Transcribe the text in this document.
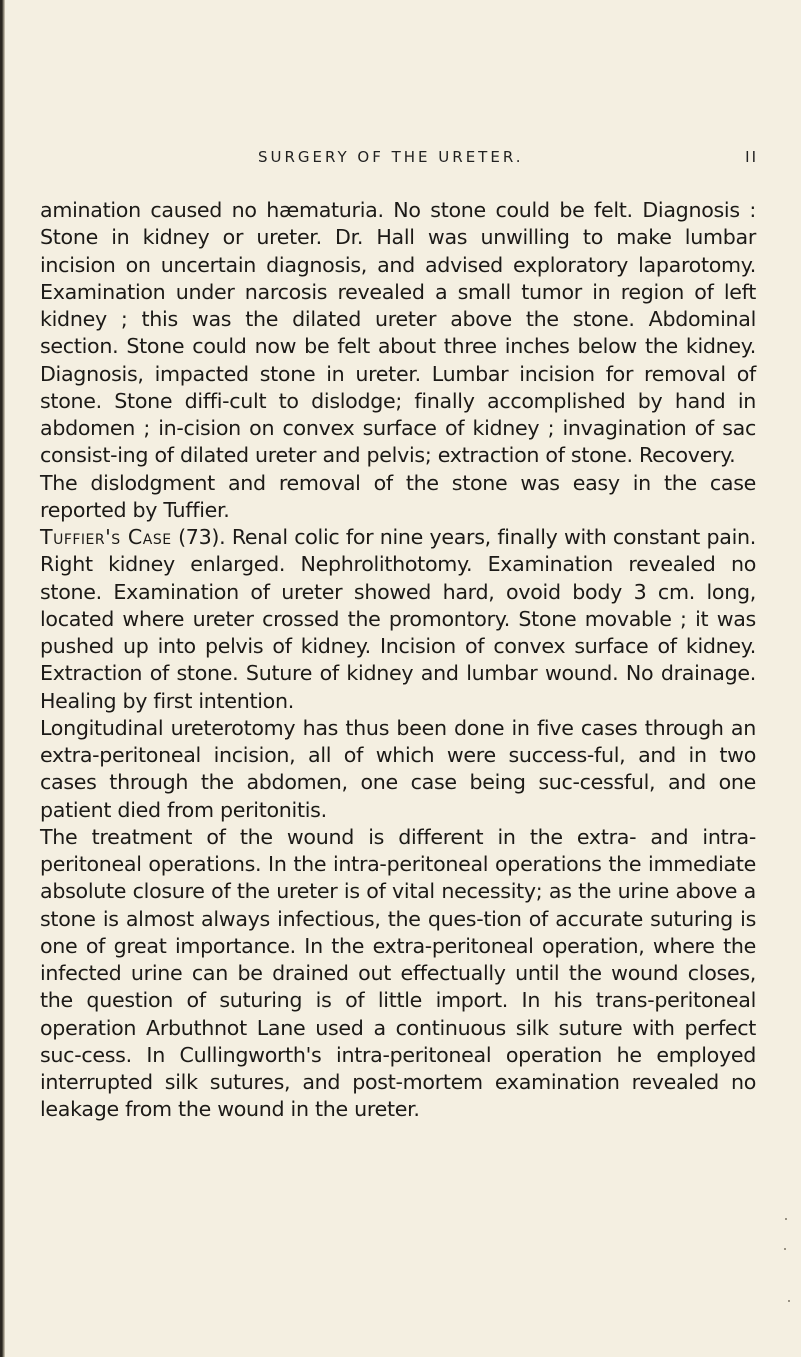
SURGERY OF THE URETER.	II

amination caused no hæmaturia. No stone could be felt. Diagnosis : Stone in kidney or ureter. Dr. Hall was unwilling to make lumbar incision on uncertain diagnosis, and advised exploratory laparotomy. Examination under narcosis revealed a small tumor in region of left kidney ; this was the dilated ureter above the stone. Abdominal section. Stone could now be felt about three inches below the kidney. Diagnosis, impacted stone in ureter. Lumbar incision for removal of stone. Stone diffi-cult to dislodge; finally accomplished by hand in abdomen ; in-cision on convex surface of kidney ; invagination of sac consist-ing of dilated ureter and pelvis; extraction of stone. Recovery.

The dislodgment and removal of the stone was easy in the case reported by Tuffier.

Tuffier's Case (73). Renal colic for nine years, finally with constant pain. Right kidney enlarged. Nephrolithotomy. Examination revealed no stone. Examination of ureter showed hard, ovoid body 3 cm. long, located where ureter crossed the promontory. Stone movable ; it was pushed up into pelvis of kidney. Incision of convex surface of kidney. Extraction of stone. Suture of kidney and lumbar wound. No drainage. Healing by first intention.

Longitudinal ureterotomy has thus been done in five cases through an extra-peritoneal incision, all of which were success-ful, and in two cases through the abdomen, one case being suc-cessful, and one patient died from peritonitis.

The treatment of the wound is different in the extra- and intra-peritoneal operations. In the intra-peritoneal operations the immediate absolute closure of the ureter is of vital necessity; as the urine above a stone is almost always infectious, the ques-tion of accurate suturing is one of great importance. In the extra-peritoneal operation, where the infected urine can be drained out effectually until the wound closes, the question of suturing is of little import. In his trans-peritoneal operation Arbuthnot Lane used a continuous silk suture with perfect suc-cess. In Cullingworth's intra-peritoneal operation he employed interrupted silk sutures, and post-mortem examination revealed no leakage from the wound in the ureter.
